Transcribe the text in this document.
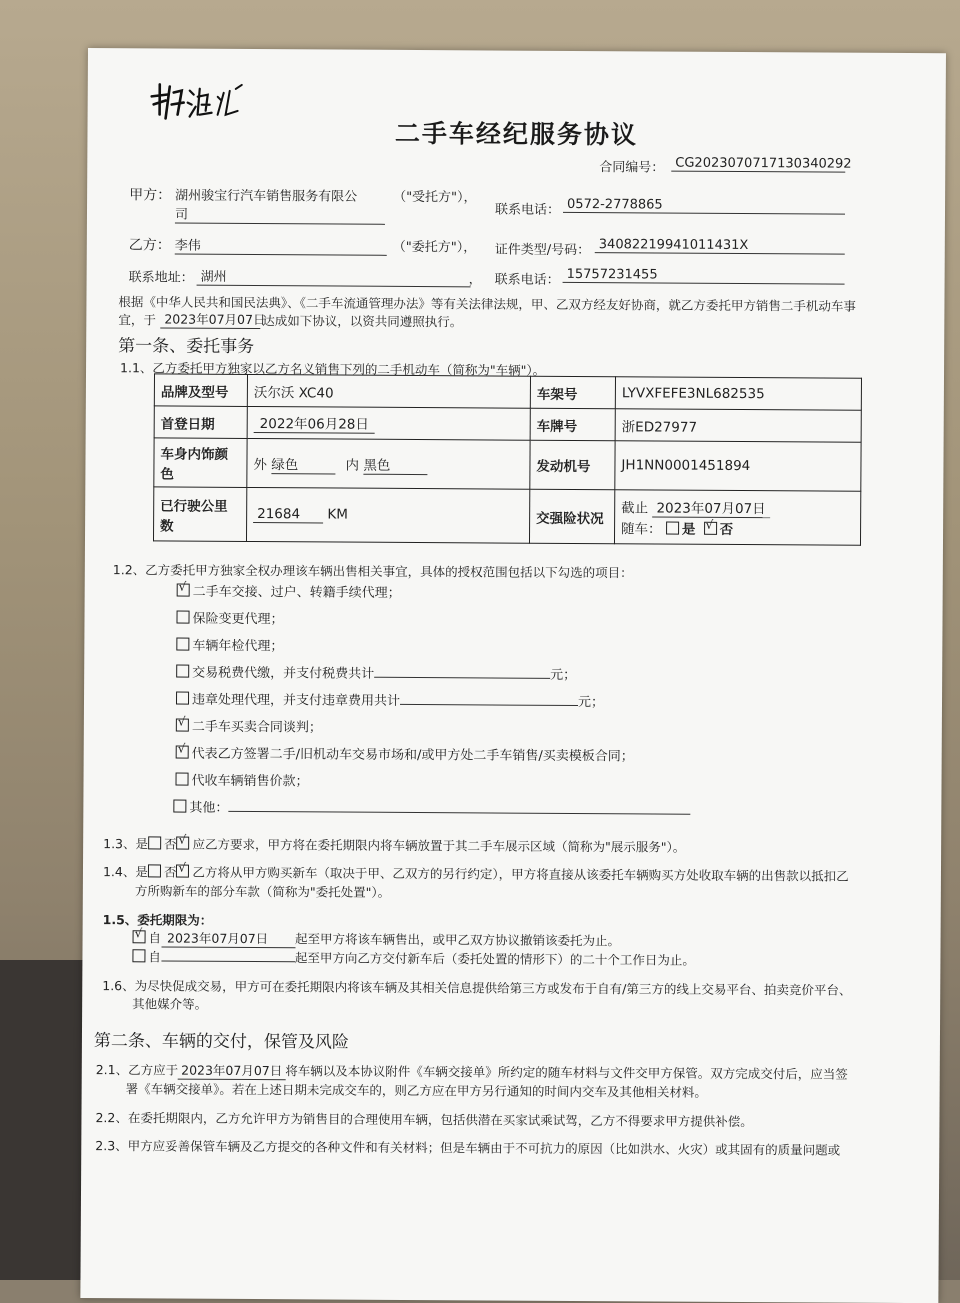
二手车经纪服务协议
合同编号： CG2023070717130340292
甲方： 湖州骏宝行汽车销售服务有限公
司
（"受托方"），
联系电话： 0572-2778865
乙方： 李伟	（"委托方"）， 证件类型/号码： 34082219941011431X
联系地址： 湖州	， 联系电话： 15757231455
根据《中华人民共和国民法典》、《二手车流通管理办法》等有关法律法规，甲、乙双方经友好协商，就乙方委托甲方销售二手机动车事
宜，于 2023年07月07日
达成如下协议，以资共同遵照执行。
第一条、委托事务
1.1、乙方委托甲方独家以乙方名义销售下列的二手机动车（简称为"车辆"）。
品牌及型号	沃尔沃 XC40	车架号	LYVXFEFE3NL682535
首登日期	2022年06月28日	车牌号	浙ED27977
车身内饰颜色	外 绿色 内 黑色	发动机号	JH1NN0001451894
已行驶公里数	21684 KM	交强险状况	截止 2023年07月07日
随车： 是 √ 否
1.2、乙方委托甲方独家全权办理该车辆出售相关事宜，具体的授权范围包括以下勾选的项目：
√二手车交接、过户、转籍手续代理；
保险变更代理；
车辆年检代理；
交易税费代缴，并支付税费共计	元；
违章处理代理，并支付违章费用共计	元；
√二手车买卖合同谈判；
√代表乙方签署二手/旧机动车交易市场和/或甲方处二手车销售/买卖模板合同；
代收车辆销售价款；
其他：
1.3、是 否 √ 应乙方要求，甲方将在委托期限内将车辆放置于其二手车展示区域（简称为"展示服务"）。
1.4、是 否 √ 乙方将从甲方购买新车（取决于甲、乙双方的另行约定），甲方将直接从该委托车辆购买方处收取车辆的出售款以抵扣乙
方所购新车的部分车款（简称为"委托处置"）。
1.5、委托期限为：
√自 2023年07月07日 起至甲方将该车辆售出，或甲乙双方协议撤销该委托为止。
自	起至甲方向乙方交付新车后（委托处置的情形下）的二十个工作日为止。
1.6、为尽快促成交易，甲方可在委托期限内将该车辆及其相关信息提供给第三方或发布于自有/第三方的线上交易平台、拍卖竞价平台、
其他媒介等。
第二条、车辆的交付，保管及风险
2.1、乙方应于 2023年07月07日 将车辆以及本协议附件《车辆交接单》所约定的随车材料与文件交甲方保管。双方完成交付后，应当签
署《车辆交接单》。若在上述日期未完成交车的，则乙方应在甲方另行通知的时间内交车及其他相关材料。
2.2、在委托期限内，乙方允许甲方为销售目的合理使用车辆，包括供潜在买家试乘试驾，乙方不得要求甲方提供补偿。
2.3、甲方应妥善保管车辆及乙方提交的各种文件和有关材料；但是车辆由于不可抗力的原因（比如洪水、火灾）或其固有的质量问题或
